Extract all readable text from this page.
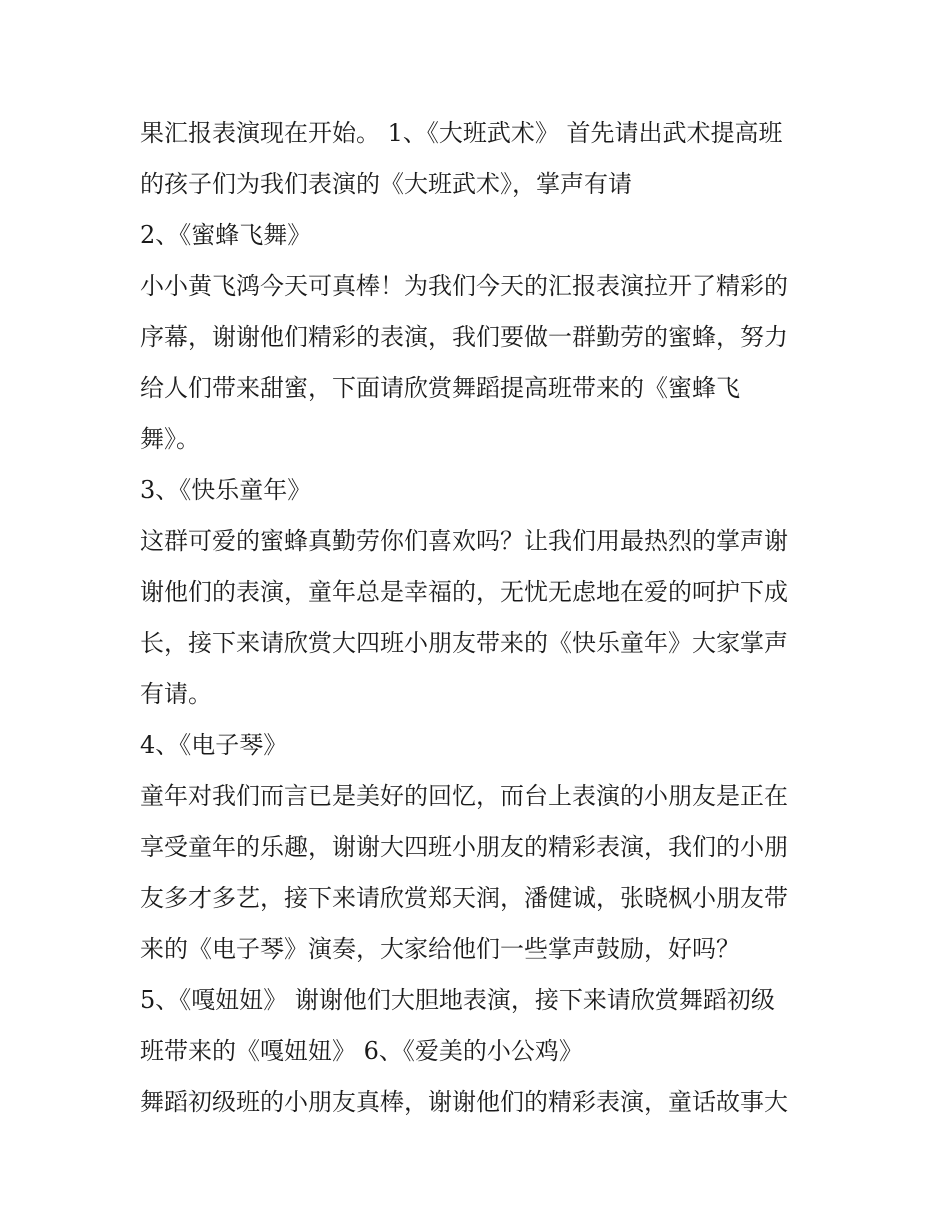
果汇报表演现在开始。 1、《大班武术》 首先请出武术提高班
的孩子们为我们表演的《大班武术》，掌声有请
2、《蜜蜂飞舞》
小小黄飞鸿今天可真棒！为我们今天的汇报表演拉开了精彩的
序幕，谢谢他们精彩的表演，我们要做一群勤劳的蜜蜂，努力
给人们带来甜蜜，下面请欣赏舞蹈提高班带来的《蜜蜂飞
舞》。
3、《快乐童年》
这群可爱的蜜蜂真勤劳你们喜欢吗？让我们用最热烈的掌声谢
谢他们的表演，童年总是幸福的，无忧无虑地在爱的呵护下成
长，接下来请欣赏大四班小朋友带来的《快乐童年》大家掌声
有请。
4、《电子琴》
童年对我们而言已是美好的回忆，而台上表演的小朋友是正在
享受童年的乐趣，谢谢大四班小朋友的精彩表演，我们的小朋
友多才多艺，接下来请欣赏郑天润，潘健诚，张晓枫小朋友带
来的《电子琴》演奏，大家给他们一些掌声鼓励，好吗？
5、《嘎妞妞》 谢谢他们大胆地表演，接下来请欣赏舞蹈初级
班带来的《嘎妞妞》 6、《爱美的小公鸡》
舞蹈初级班的小朋友真棒，谢谢他们的精彩表演，童话故事大
